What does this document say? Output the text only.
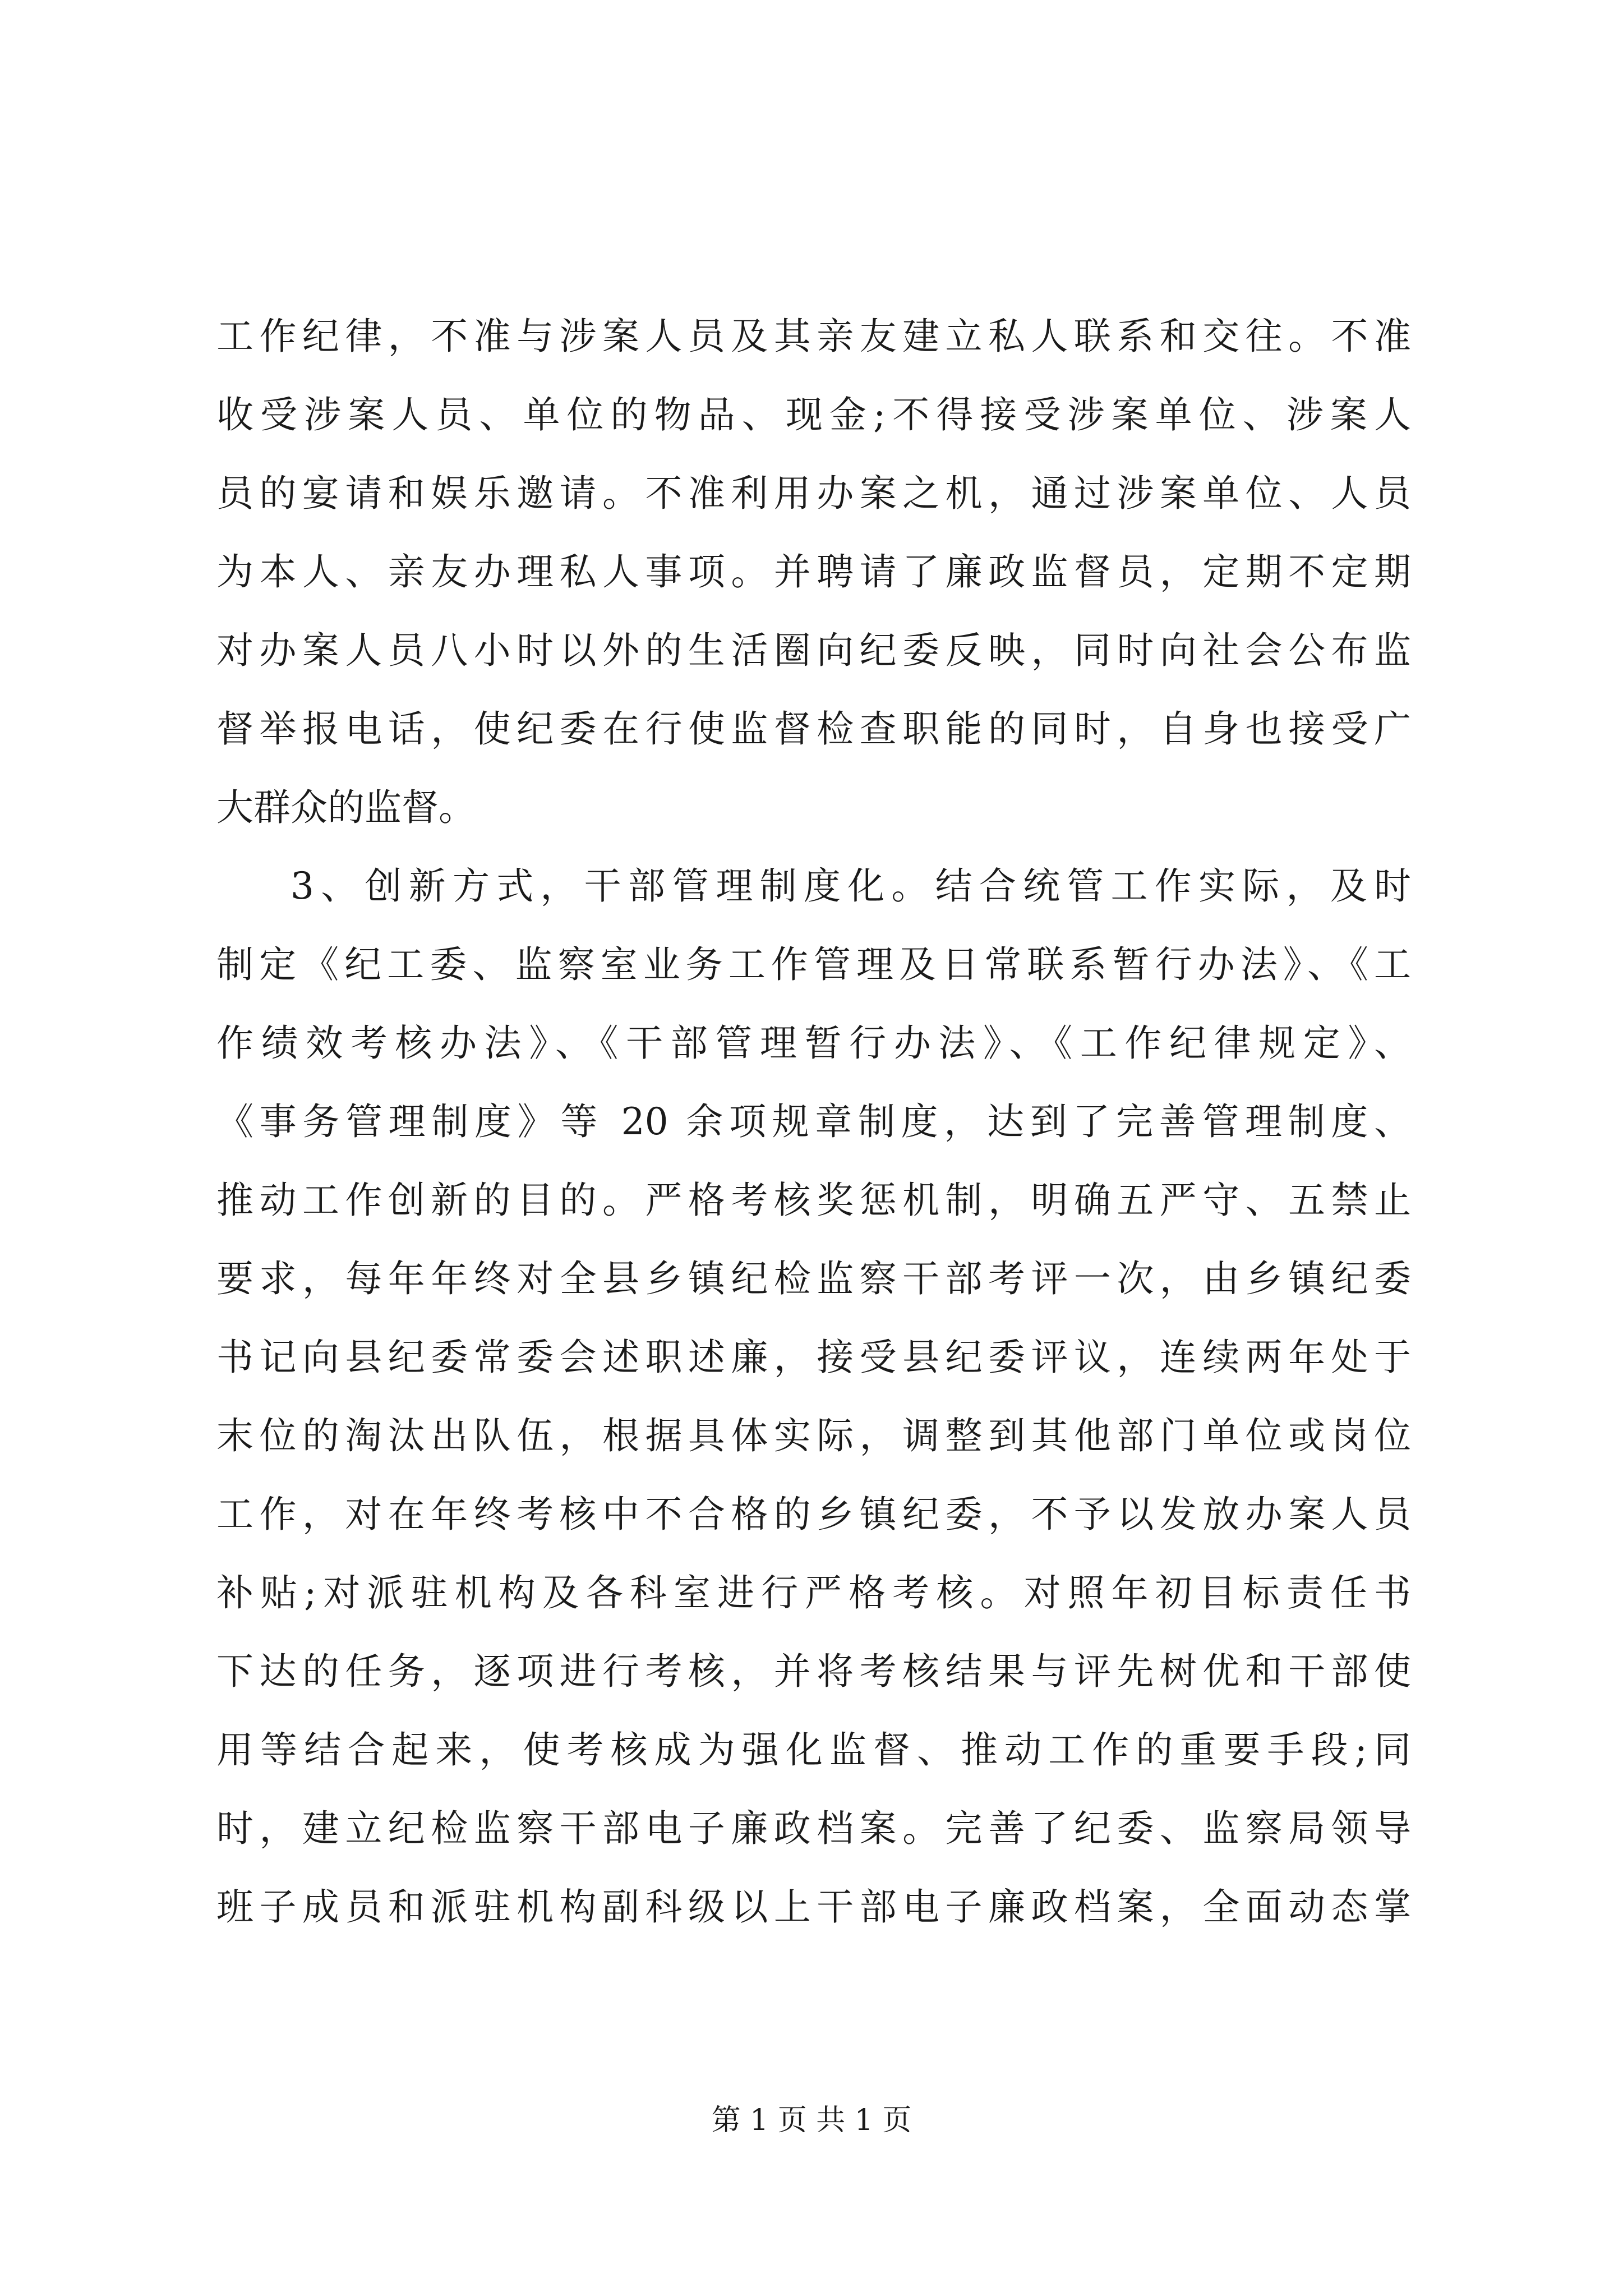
工作纪律，不准与涉案人员及其亲友建立私人联系和交往。不准
收受涉案人员、单位的物品、现金;不得接受涉案单位、涉案人
员的宴请和娱乐邀请。不准利用办案之机，通过涉案单位、人员
为本人、亲友办理私人事项。并聘请了廉政监督员，定期不定期
对办案人员八小时以外的生活圈向纪委反映，同时向社会公布监
督举报电话，使纪委在行使监督检查职能的同时，自身也接受广
大群众的监督。
3、创新方式，干部管理制度化。结合统管工作实际，及时
制定《纪工委、监察室业务工作管理及日常联系暂行办法》、《工
作绩效考核办法》、《干部管理暂行办法》、《工作纪律规定》、
《事务管理制度》等 20 余项规章制度，达到了完善管理制度、
推动工作创新的目的。严格考核奖惩机制，明确五严守、五禁止
要求，每年年终对全县乡镇纪检监察干部考评一次，由乡镇纪委
书记向县纪委常委会述职述廉，接受县纪委评议，连续两年处于
末位的淘汰出队伍，根据具体实际，调整到其他部门单位或岗位
工作，对在年终考核中不合格的乡镇纪委，不予以发放办案人员
补贴;对派驻机构及各科室进行严格考核。对照年初目标责任书
下达的任务，逐项进行考核，并将考核结果与评先树优和干部使
用等结合起来，使考核成为强化监督、推动工作的重要手段;同
时，建立纪检监察干部电子廉政档案。完善了纪委、监察局领导
班子成员和派驻机构副科级以上干部电子廉政档案，全面动态掌
第 1 页 共 1 页
